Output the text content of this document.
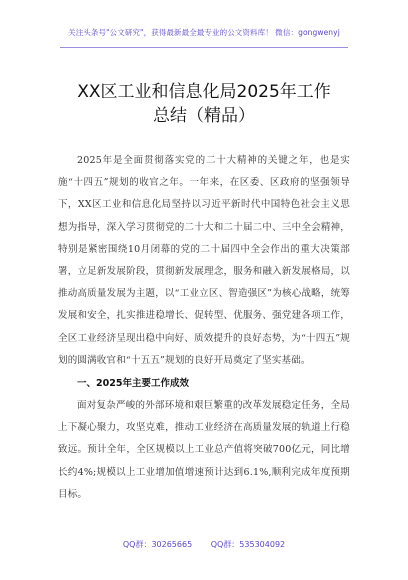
关注头条号"公文研究"，获得最新最全最专业的公文资料库！ 微信：gongwenyj
XX区工业和信息化局2025年工作
总结（精品）

2025年是全面贯彻落实党的二十大精神的关键之年，也是实施“十四五”规划的收官之年。一年来，在区委、区政府的坚强领导下，XX区工业和信息化局坚持以习近平新时代中国特色社会主义思想为指导，深入学习贯彻党的二十大和二十届二中、三中全会精神，特别是紧密围绕10月闭幕的党的二十届四中全会作出的重大决策部署，立足新发展阶段，贯彻新发展理念，服务和融入新发展格局，以推动高质量发展为主题，以“工业立区、智造强区”为核心战略，统筹发展和安全，扎实推进稳增长、促转型、优服务、强党建各项工作，全区工业经济呈现出稳中向好、质效提升的良好态势，为“十四五”规划的圆满收官和“十五五”规划的良好开局奠定了坚实基础。

一、2025年主要工作成效

面对复杂严峻的外部环境和艰巨繁重的改革发展稳定任务，全局上下凝心聚力，攻坚克难，推动工业经济在高质量发展的轨道上行稳致远。预计全年，全区规模以上工业总产值将突破700亿元，同比增长约4%;规模以上工业增加值增速预计达到6.1%,顺利完成年度预期目标。

QQ群：30265665 QQ群：535304092
